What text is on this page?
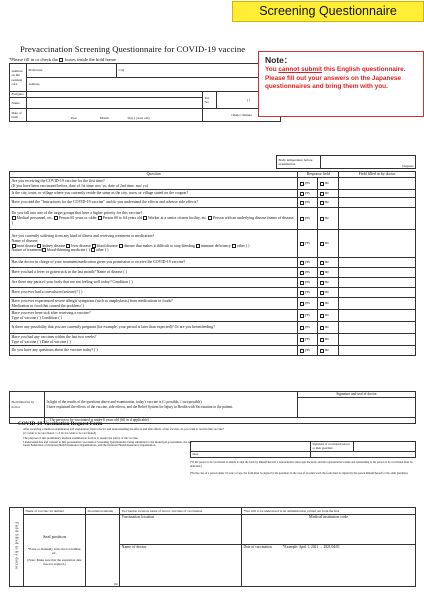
Screening Questionnaire
Prevaccination Screening Questionnaire for COVID-19 vaccine
*Please fill in or check the boxes inside the bold frame
Address on the resident card	Prefecture	City		
	Address			
Furigana			Tel. No.	( )
Name				
Date of birth	Year Month Day ( years old)		□male □female	
Body temperature before examination	Degrees
Note：
You cannot submit this English questionnaire.
Please fill out your answers on the Japanese questionnaires and bring them with you.
Question	Response field		Field filled in by doctor

Are you receiving the COVID-19 vaccine for the first time?
(If you have been vaccinated before, date of 1st time: mo/ yo, date of 2nd time: mo/ yo)	yes	no	

Is the city, town, or village where you currently reside the same as the city, town, or village stated on the coupon?	yes	no	

Have you read the "Instructions for the COVID-19 vaccine" and do you understand the effects and adverse side effects?	yes	no	

Do you fall into one of the target groups that have a higher priority for this vaccine?
Medical personnel, etc. Person 65 years or older Person 60 to 64 years old Worker at a senior citizen facility, etc. Person with an underlying disease (name of disease: )	yes	no	

Are you currently suffering from any kind of illness and receiving treatment or medication?
Name of disease:
heart disease kidney disease liver disease blood disease disease that makes it difficult to stop bleeding immune deficiency other ( )
Nature of treatment blood-thinning medicine ( ) other ( )	yes	no	

Has the doctor in charge of your treatment/medication given you permission to receive the COVID-19 vaccine?	yes	no	

Have you had a fever or gotten sick in the last month? Name of disease ( )	yes	no	

Are there any parts of your body that are not feeling well today? Condition ( )	yes	no	

Have you ever had a convulsion (seizure)? ( )	yes	no	

Have you ever experienced severe allergic symptoms (such as anaphylaxis) from medications or foods?
Medication or food that caused the problem ( )	yes	no	

Have you ever been sick after receiving a vaccine?
Type of vaccine ( ) Condition ( )	yes	no	

Is there any possibility that you are currently pregnant (for example, your period is later than expected)? Or are you breastfeeding?	yes	no	

Have you had any vaccines within the last two weeks?
Type of vaccine ( ) Date of vaccine ( )	yes	no	

Do you have any questions about the vaccine today? ( )	yes	no	
Field filled in by doctor	In light of the results of the questions above and examination, today's vaccine is (□ possible, □ not possible).
I have explained the effects of the vaccine, side effects, and the Relief System for Injury to Health with Vaccination to the patient.	Signature and seal of doctor

	□ The person to be vaccinated is under 6 years old (fill in if applicable)	
COVID-19 Vaccination Request Form
After receiving a medical examination and explanation from a doctor and understanding the effects and side effects of the vaccine, do you wish to receive this vaccine?
(□ I wish to be vaccinated / □ I do not wish to be vaccinated)
The purpose of this preliminary medical examination form is to ensure the safety of the vaccine.
I understand this and consent to this preventative vaccination Screening Questionnaire being submitted to the municipal government, the AB Japan Federation of National Health Insurance Organizations, and the National Health Insurance Organization.
		Signature of vaccinated person or their guardian	
Date		
(*If the person to be vaccinated is unable to sign the form by himself/herself, a representative must sign the form, and the representative's name and relationship to the person to be vaccinated must be indicated.)
(*In the case of a person under 16 years of age, the form must be signed by the guardian; in the case of an adult ward, the form must be signed by the person himself/herself or the adult guardian.)
Field filled in by doctor	Name of vaccine/ lot number	Inoculation amount	Vaccination location, name of doctor, and date of vaccination	*Not will to be understood in an administration carried out from the first

	Seal position
*Paste or manually write the lot number, etc.
(Note: Make sure that the expiration date has not expired.)	ml	Vaccination location	Medical institution code
			Name of doctor	Date of vaccination *Example: April 1, 2021 → 2021/04/01
